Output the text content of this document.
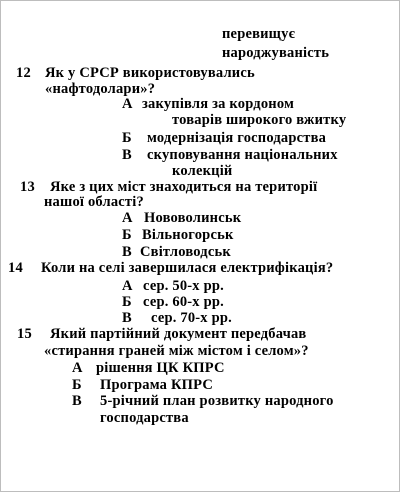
перевищує
народжуваність
12 Як у СРСР використовувались
«нафтодолари»?
А закупівля за кордоном
товарів широкого вжитку
Б модернізація господарства
В скуповування національних
колекцій
13 Яке з цих міст знаходиться на території
нашої області?
А Нововолинськ
Б Вільногорськ
В Світловодськ
14 Коли на селі завершилася електрифікація?
А сер. 50-х рр.
Б сер. 60-х рр.
В сер. 70-х рр.
15 Який партійний документ передбачав
«стирання граней між містом і селом»?
А рішення ЦК КПРС
Б Програма КПРС
В 5-річний план розвитку народного
господарства
